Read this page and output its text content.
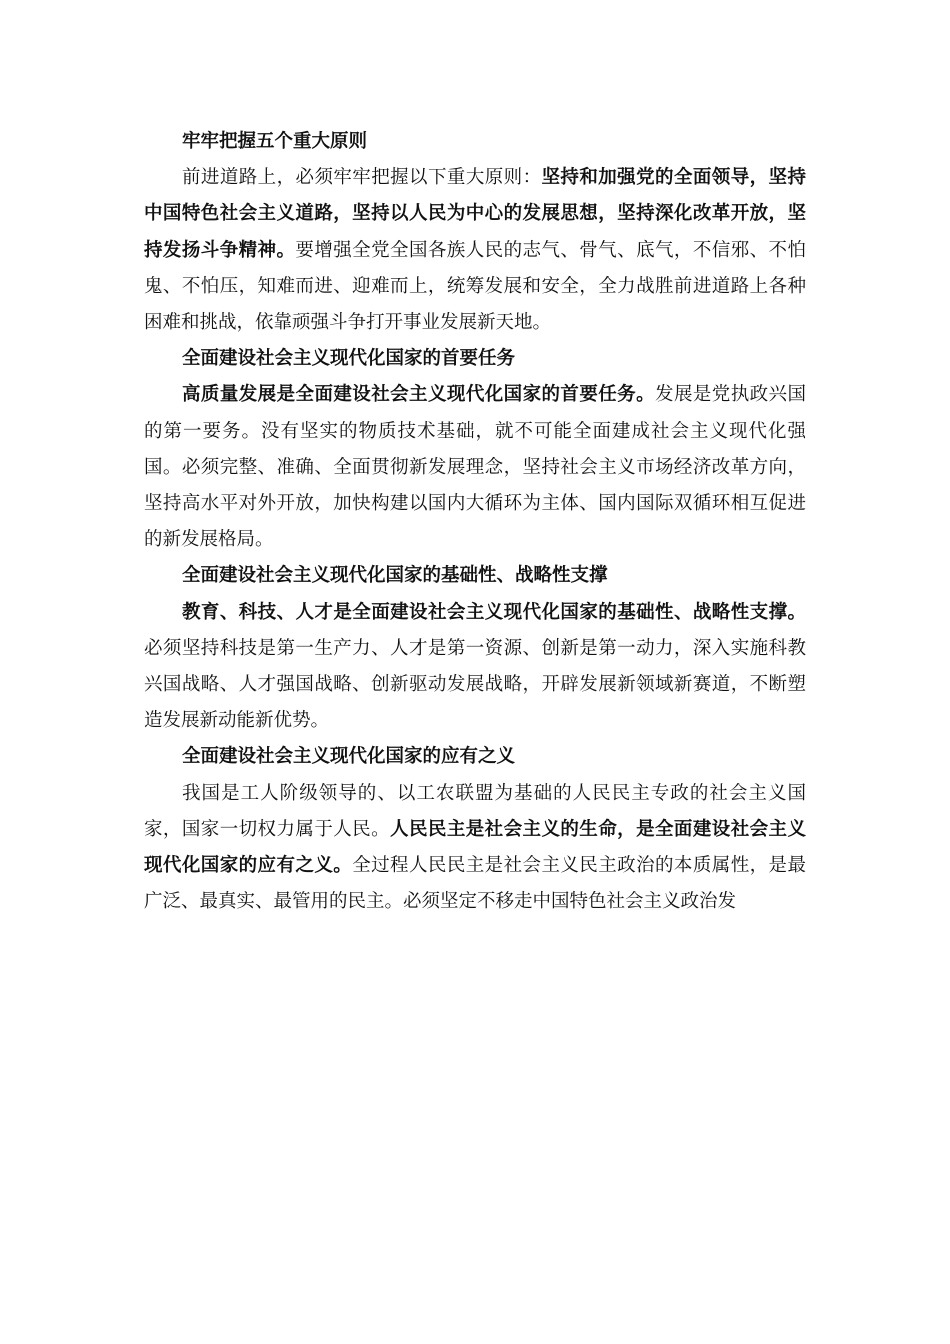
牢牢把握五个重大原则

前进道路上，必须牢牢把握以下重大原则：坚持和加强党的全面领导，坚持中国特色社会主义道路，坚持以人民为中心的发展思想，坚持深化改革开放，坚持发扬斗争精神。要增强全党全国各族人民的志气、骨气、底气，不信邪、不怕鬼、不怕压，知难而进、迎难而上，统筹发展和安全，全力战胜前进道路上各种困难和挑战，依靠顽强斗争打开事业发展新天地。

全面建设社会主义现代化国家的首要任务

高质量发展是全面建设社会主义现代化国家的首要任务。发展是党执政兴国的第一要务。没有坚实的物质技术基础，就不可能全面建成社会主义现代化强国。必须完整、准确、全面贯彻新发展理念，坚持社会主义市场经济改革方向，坚持高水平对外开放，加快构建以国内大循环为主体、国内国际双循环相互促进的新发展格局。

全面建设社会主义现代化国家的基础性、战略性支撑

教育、科技、人才是全面建设社会主义现代化国家的基础性、战略性支撑。必须坚持科技是第一生产力、人才是第一资源、创新是第一动力，深入实施科教兴国战略、人才强国战略、创新驱动发展战略，开辟发展新领域新赛道，不断塑造发展新动能新优势。

全面建设社会主义现代化国家的应有之义

我国是工人阶级领导的、以工农联盟为基础的人民民主专政的社会主义国家，国家一切权力属于人民。人民民主是社会主义的生命，是全面建设社会主义现代化国家的应有之义。全过程人民民主是社会主义民主政治的本质属性，是最广泛、最真实、最管用的民主。必须坚定不移走中国特色社会主义政治发
